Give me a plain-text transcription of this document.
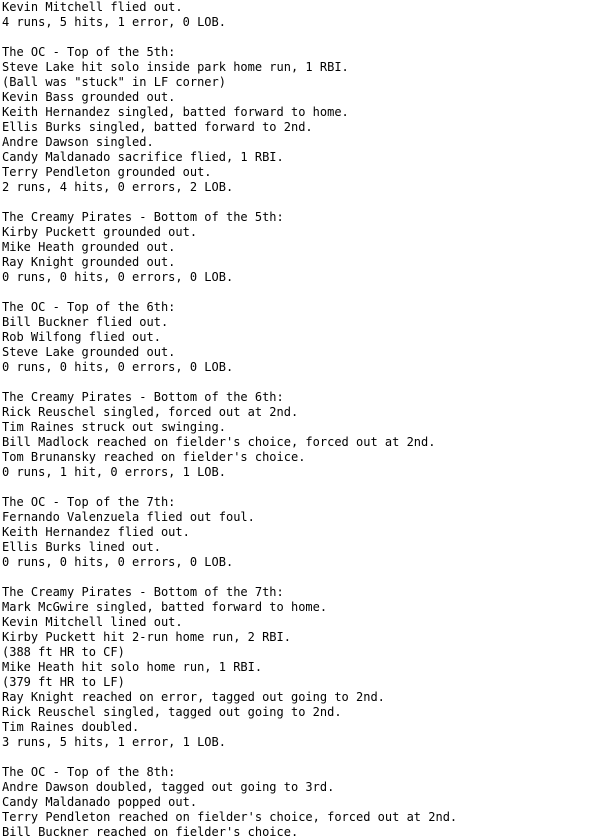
Kevin Mitchell flied out.
4 runs, 5 hits, 1 error, 0 LOB.
The OC - Top of the 5th:
Steve Lake hit solo inside park home run, 1 RBI.
(Ball was "stuck" in LF corner)
Kevin Bass grounded out.
Keith Hernandez singled, batted forward to home.
Ellis Burks singled, batted forward to 2nd.
Andre Dawson singled.
Candy Maldanado sacrifice flied, 1 RBI.
Terry Pendleton grounded out.
2 runs, 4 hits, 0 errors, 2 LOB.
The Creamy Pirates - Bottom of the 5th:
Kirby Puckett grounded out.
Mike Heath grounded out.
Ray Knight grounded out.
0 runs, 0 hits, 0 errors, 0 LOB.
The OC - Top of the 6th:
Bill Buckner flied out.
Rob Wilfong flied out.
Steve Lake grounded out.
0 runs, 0 hits, 0 errors, 0 LOB.
The Creamy Pirates - Bottom of the 6th:
Rick Reuschel singled, forced out at 2nd.
Tim Raines struck out swinging.
Bill Madlock reached on fielder's choice, forced out at 2nd.
Tom Brunansky reached on fielder's choice.
0 runs, 1 hit, 0 errors, 1 LOB.
The OC - Top of the 7th:
Fernando Valenzuela flied out foul.
Keith Hernandez flied out.
Ellis Burks lined out.
0 runs, 0 hits, 0 errors, 0 LOB.
The Creamy Pirates - Bottom of the 7th:
Mark McGwire singled, batted forward to home.
Kevin Mitchell lined out.
Kirby Puckett hit 2-run home run, 2 RBI.
(388 ft HR to CF)
Mike Heath hit solo home run, 1 RBI.
(379 ft HR to LF)
Ray Knight reached on error, tagged out going to 2nd.
Rick Reuschel singled, tagged out going to 2nd.
Tim Raines doubled.
3 runs, 5 hits, 1 error, 1 LOB.
The OC - Top of the 8th:
Andre Dawson doubled, tagged out going to 3rd.
Candy Maldanado popped out.
Terry Pendleton reached on fielder's choice, forced out at 2nd.
Bill Buckner reached on fielder's choice.
